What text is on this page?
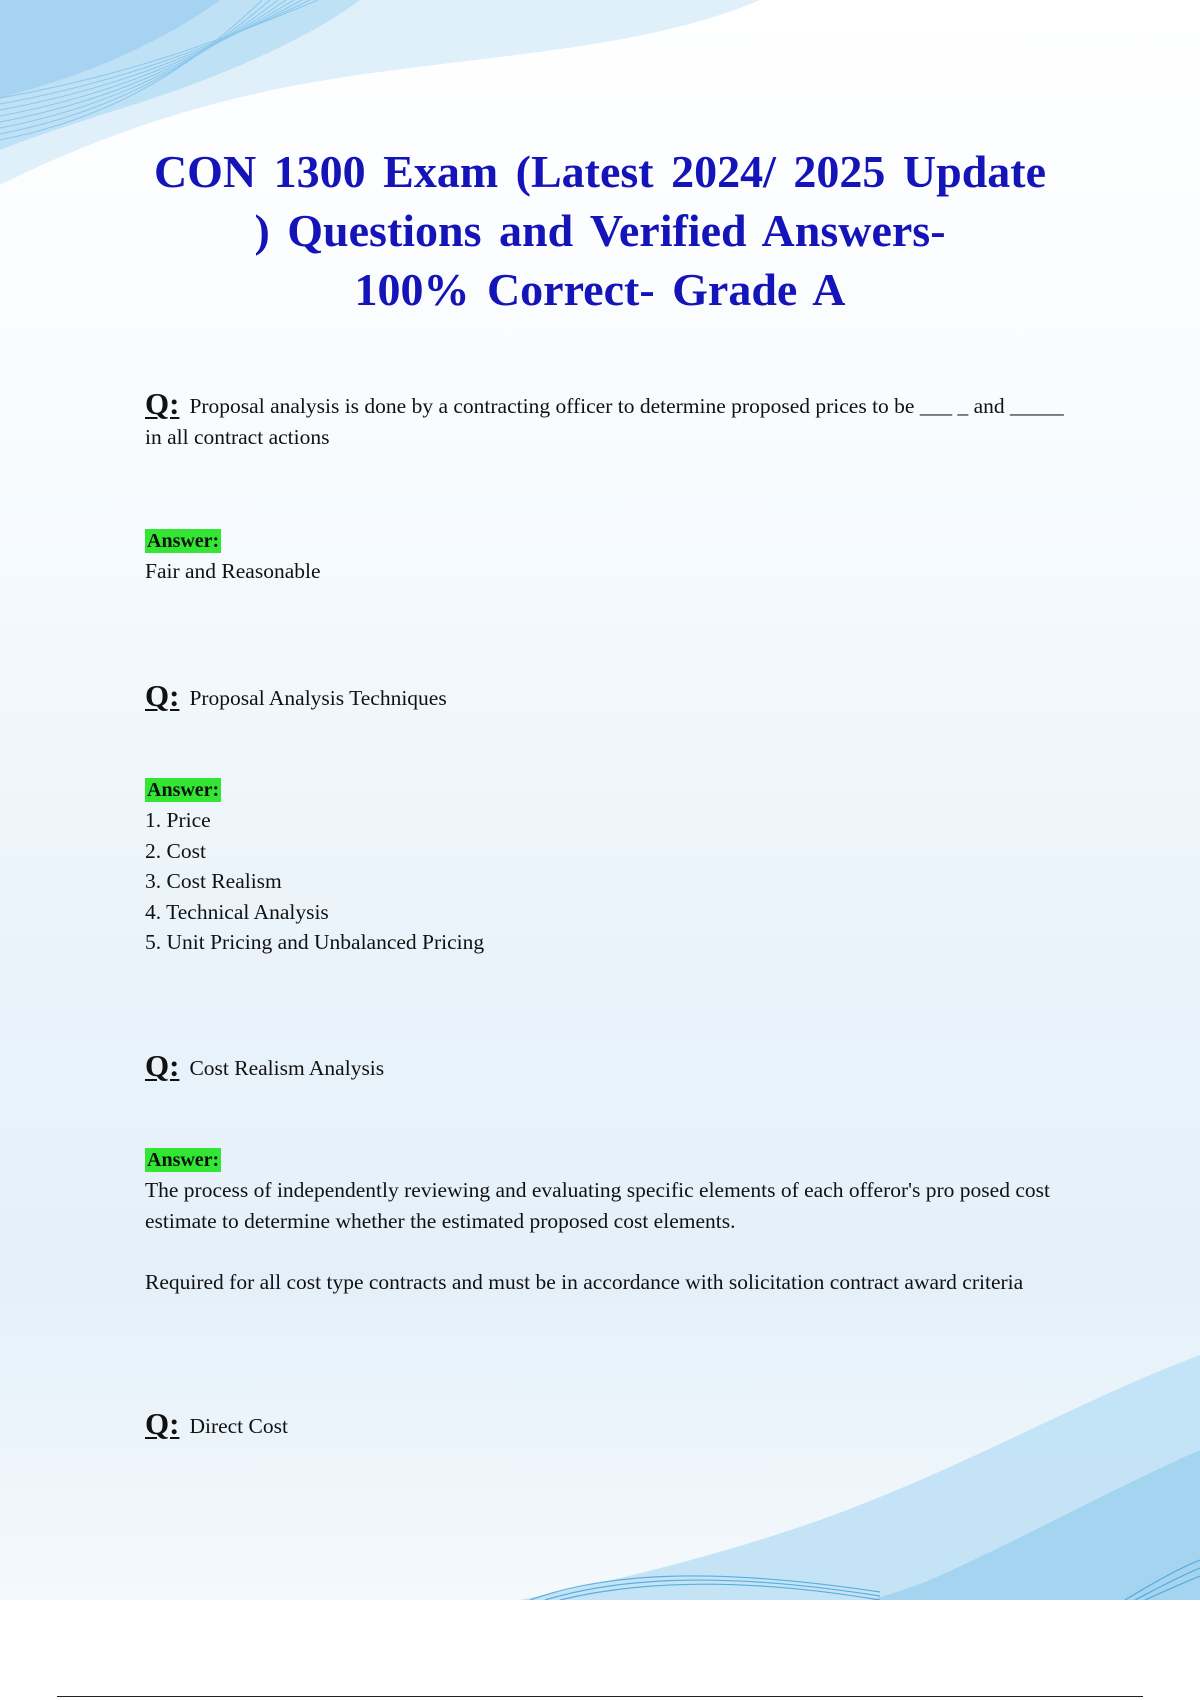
CON 1300 Exam (Latest 2024/ 2025 Update
) Questions and Verified Answers-
100% Correct- Grade A
Q: Proposal analysis is done by a contracting officer to determine proposed prices to be ___ _ and _____ in all contract actions
Answer:

Fair and Reasonable

Q: Proposal Analysis Techniques
Answer:
1. Price
2. Cost
3. Cost Realism
4. Technical Analysis
5. Unit Pricing and Unbalanced Pricing
Q: Cost Realism Analysis
Answer:

The process of independently reviewing and evaluating specific elements of each offeror's pro posed cost estimate to determine whether the estimated proposed cost elements.

Required for all cost type contracts and must be in accordance with solicitation contract award criteria

Q: Direct Cost
